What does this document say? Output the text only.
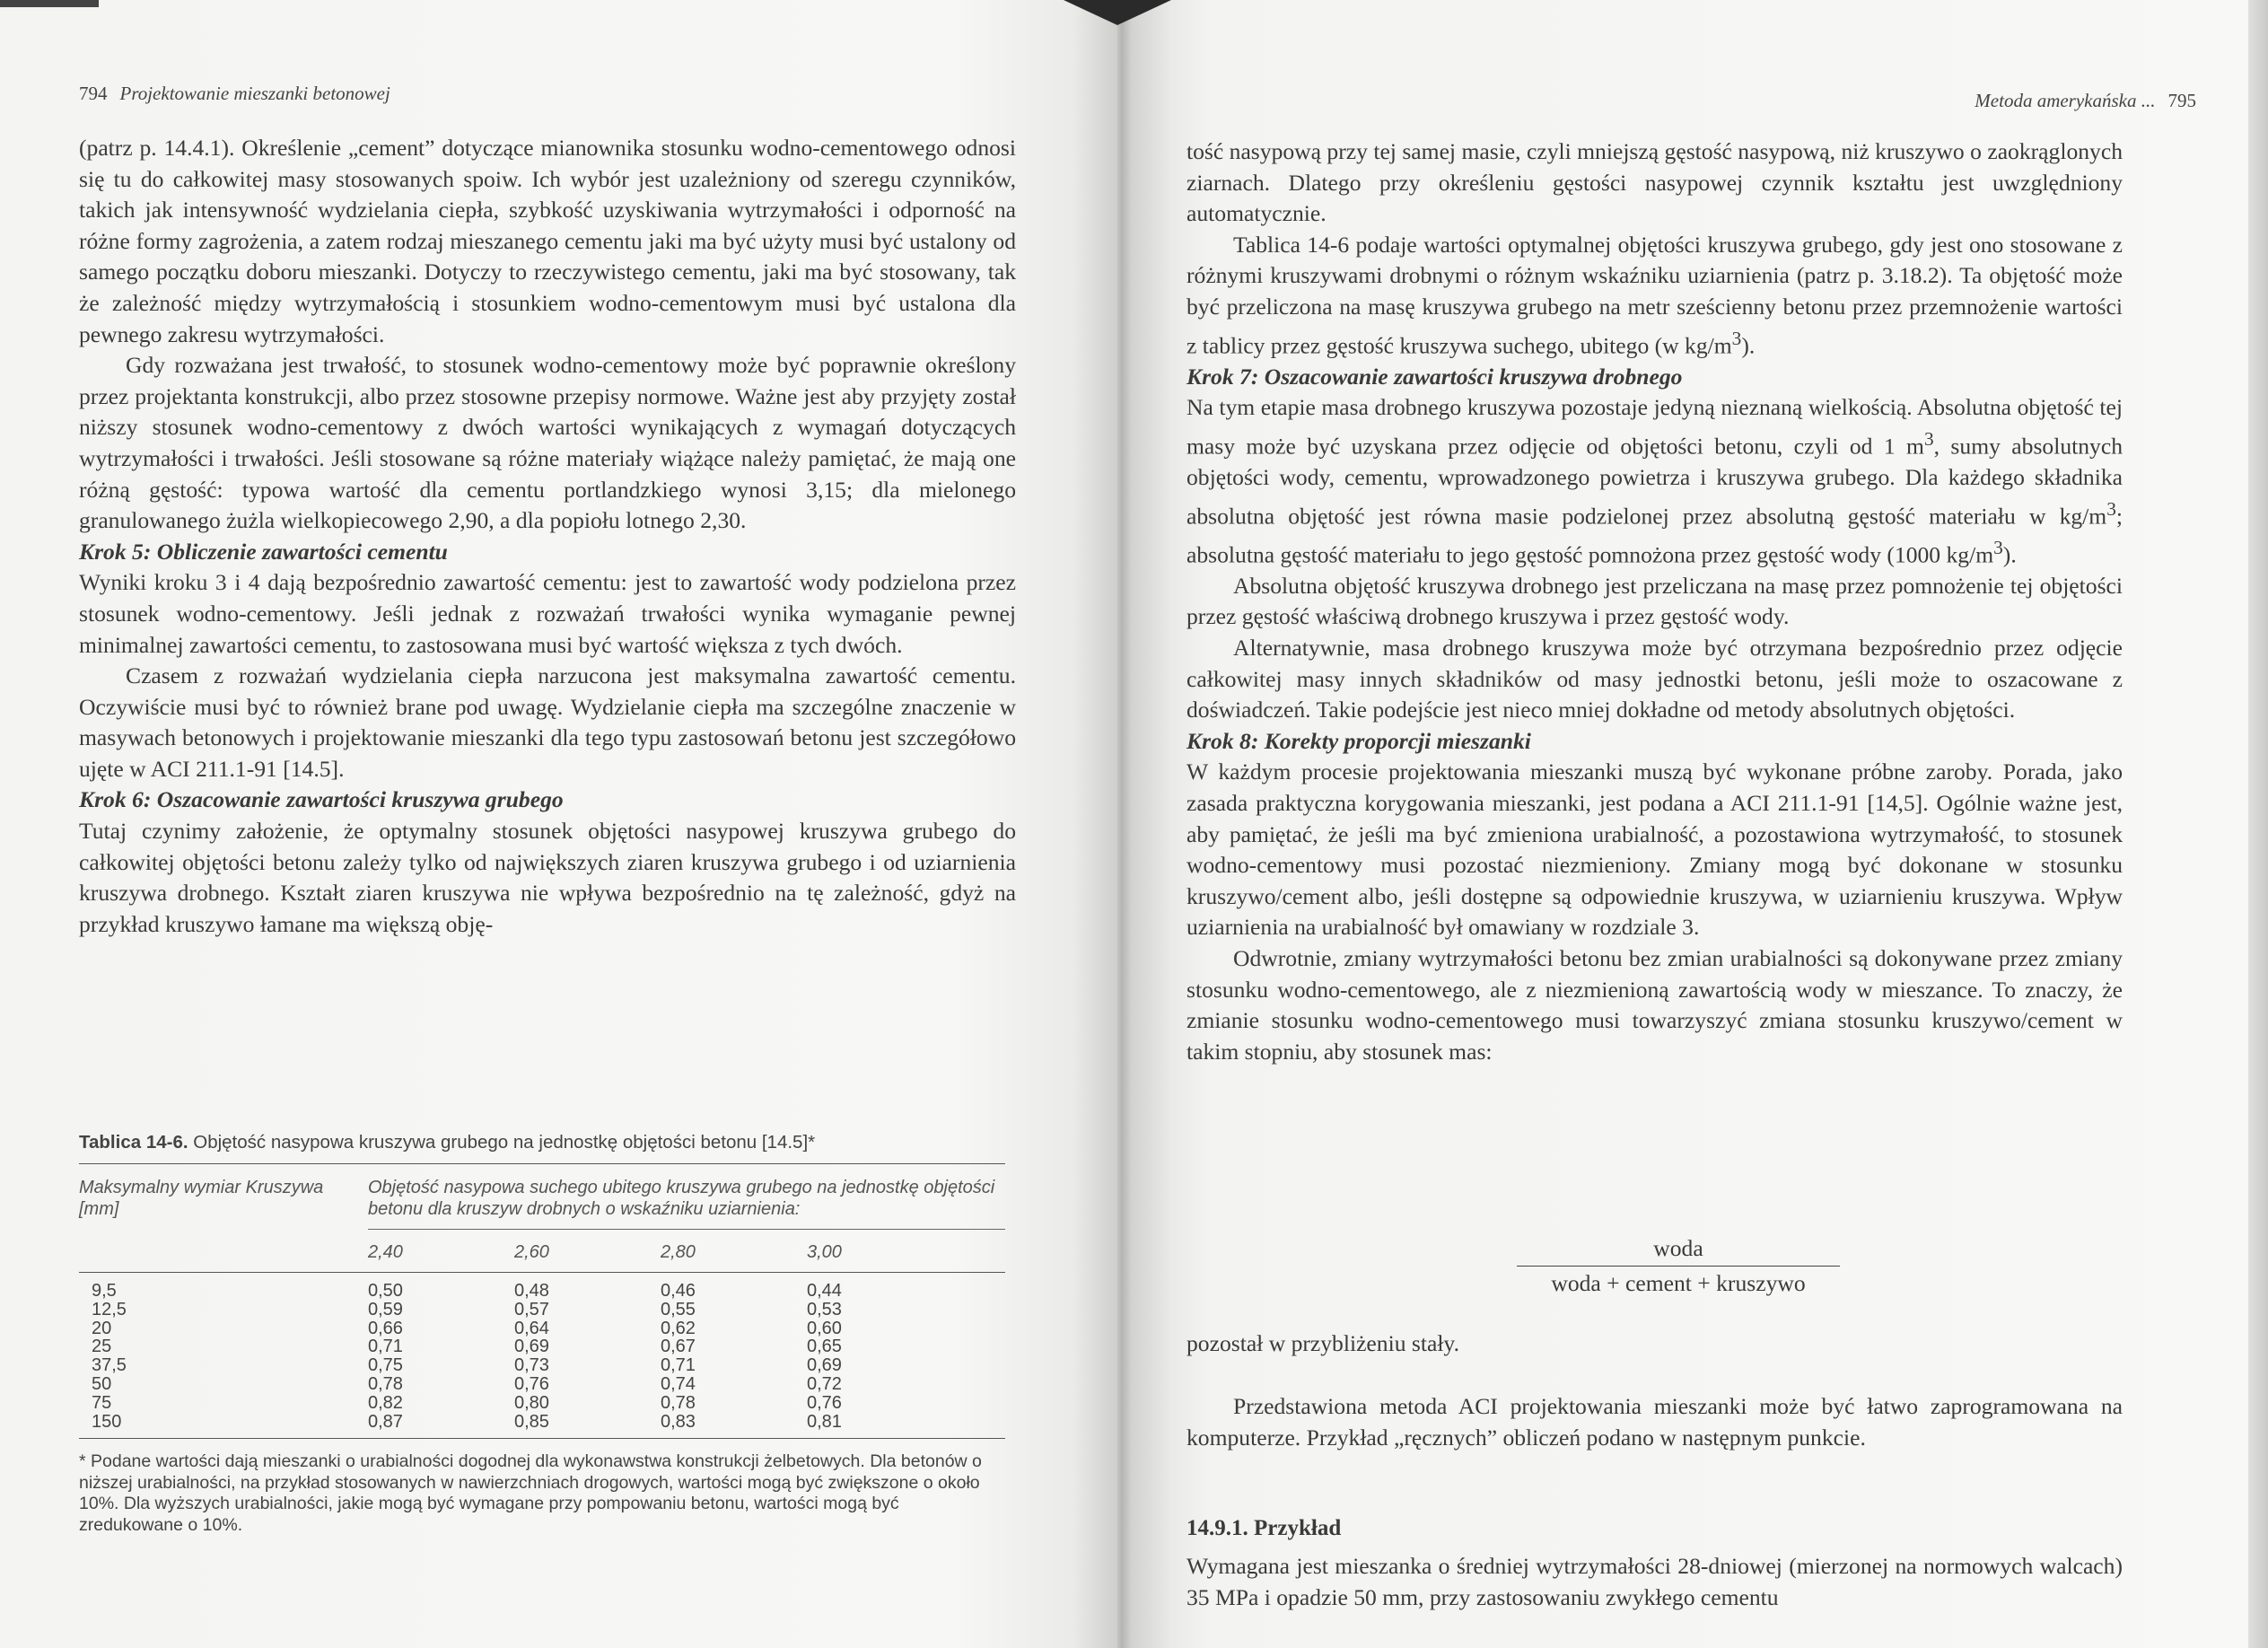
794 Projektowanie mieszanki betonowej

(patrz p. 14.4.1). Określenie „cement” dotyczące mianownika stosunku wodno-cementowego odnosi się tu do całkowitej masy stosowanych spoiw. Ich wybór jest uzależniony od szeregu czynników, takich jak intensywność wydzielania ciepła, szybkość uzyskiwania wytrzymałości i odporność na różne formy zagrożenia, a zatem rodzaj mieszanego cementu jaki ma być użyty musi być ustalony od samego początku doboru mieszanki. Dotyczy to rzeczywistego cementu, jaki ma być stosowany, tak że zależność między wytrzymałością i stosunkiem wodno-cementowym musi być ustalona dla pewnego zakresu wytrzymałości.

Gdy rozważana jest trwałość, to stosunek wodno-cementowy może być poprawnie określony przez projektanta konstrukcji, albo przez stosowne przepisy normowe. Ważne jest aby przyjęty został niższy stosunek wodno-cementowy z dwóch wartości wynikających z wymagań dotyczących wytrzymałości i trwałości. Jeśli stosowane są różne materiały wiążące należy pamiętać, że mają one różną gęstość: typowa wartość dla cementu portlandzkiego wynosi 3,15; dla mielonego granulowanego żużla wielkopiecowego 2,90, a dla popiołu lotnego 2,30.

Krok 5: Obliczenie zawartości cementu

Wyniki kroku 3 i 4 dają bezpośrednio zawartość cementu: jest to zawartość wody podzielona przez stosunek wodno-cementowy. Jeśli jednak z rozważań trwałości wynika wymaganie pewnej minimalnej zawartości cementu, to zastosowana musi być wartość większa z tych dwóch.

Czasem z rozważań wydzielania ciepła narzucona jest maksymalna zawartość cementu. Oczywiście musi być to również brane pod uwagę. Wydzielanie ciepła ma szczególne znaczenie w masywach betonowych i projektowanie mieszanki dla tego typu zastosowań betonu jest szczegółowo ujęte w ACI 211.1-91 [14.5].

Krok 6: Oszacowanie zawartości kruszywa grubego

Tutaj czynimy założenie, że optymalny stosunek objętości nasypowej kruszywa grubego do całkowitej objętości betonu zależy tylko od największych ziaren kruszywa grubego i od uziarnienia kruszywa drobnego. Kształt ziaren kruszywa nie wpływa bezpośrednio na tę zależność, gdyż na przykład kruszywo łamane ma większą obję-

Tablica 14-6. Objętość nasypowa kruszywa grubego na jednostkę objętości betonu [14.5]*
Maksymalny wymiar Kruszywa [mm]
Objętość nasypowa suchego ubitego kruszywa grubego na jednostkę objętości betonu dla kruszyw drobnych o wskaźniku uziarnienia:
2,40	2,60	2,80	3,00
9,5	0,50	0,48	0,46	0,44
12,5	0,59	0,57	0,55	0,53
20	0,66	0,64	0,62	0,60
25	0,71	0,69	0,67	0,65
37,5	0,75	0,73	0,71	0,69
50	0,78	0,76	0,74	0,72
75	0,82	0,80	0,78	0,76
150	0,87	0,85	0,83	0,81
* Podane wartości dają mieszanki o urabialności dogodnej dla wykonawstwa konstrukcji żelbetowych. Dla betonów o niższej urabialności, na przykład stosowanych w nawierzchniach drogowych, wartości mogą być zwiększone o około 10%. Dla wyższych urabialności, jakie mogą być wymagane przy pompowaniu betonu, wartości mogą być zredukowane o 10%.
Metoda amerykańska ... 795

tość nasypową przy tej samej masie, czyli mniejszą gęstość nasypową, niż kruszywo o zaokrąglonych ziarnach. Dlatego przy określeniu gęstości nasypowej czynnik kształtu jest uwzględniony automatycznie.

Tablica 14-6 podaje wartości optymalnej objętości kruszywa grubego, gdy jest ono stosowane z różnymi kruszywami drobnymi o różnym wskaźniku uziarnienia (patrz p. 3.18.2). Ta objętość może być przeliczona na masę kruszywa grubego na metr sześcienny betonu przez przemnożenie wartości z tablicy przez gęstość kruszywa suchego, ubitego (w $kg/m^3$).

Krok 7: Oszacowanie zawartości kruszywa drobnego

Na tym etapie masa drobnego kruszywa pozostaje jedyną nieznaną wielkością. Absolutna objętość tej masy może być uzyskana przez odjęcie od objętości betonu, czyli od 1 $m^3$, sumy absolutnych objętości wody, cementu, wprowadzonego powietrza i kruszywa grubego. Dla każdego składnika absolutna objętość jest równa masie podzielonej przez absolutną gęstość materiału w $kg/m^3$; absolutna gęstość materiału to jego gęstość pomnożona przez gęstość wody (1000 $kg/m^3$).

Absolutna objętość kruszywa drobnego jest przeliczana na masę przez pomnożenie tej objętości przez gęstość właściwą drobnego kruszywa i przez gęstość wody.

Alternatywnie, masa drobnego kruszywa może być otrzymana bezpośrednio przez odjęcie całkowitej masy innych składników od masy jednostki betonu, jeśli może to oszacowane z doświadczeń. Takie podejście jest nieco mniej dokładne od metody absolutnych objętości.

Krok 8: Korekty proporcji mieszanki

W każdym procesie projektowania mieszanki muszą być wykonane próbne zaroby. Porada, jako zasada praktyczna korygowania mieszanki, jest podana a ACI 211.1-91 [14,5]. Ogólnie ważne jest, aby pamiętać, że jeśli ma być zmieniona urabialność, a pozostawiona wytrzymałość, to stosunek wodno-cementowy musi pozostać niezmieniony. Zmiany mogą być dokonane w stosunku kruszywo/cement albo, jeśli dostępne są odpowiednie kruszywa, w uziarnieniu kruszywa. Wpływ uziarnienia na urabialność był omawiany w rozdziale 3.

Odwrotnie, zmiany wytrzymałości betonu bez zmian urabialności są dokonywane przez zmiany stosunku wodno-cementowego, ale z niezmienioną zawartością wody w mieszance. To znaczy, że zmianie stosunku wodno-cementowego musi towarzyszyć zmiana stosunku kruszywo/cement w takim stopniu, aby stosunek mas:

woda
woda + cement + kruszywo
pozostał w przybliżeniu stały.
Przedstawiona metoda ACI projektowania mieszanki może być łatwo zaprogramowana na komputerze. Przykład „ręcznych” obliczeń podano w następnym punkcie.
14.9.1. Przykład
Wymagana jest mieszanka o średniej wytrzymałości 28-dniowej (mierzonej na normowych walcach) 35 MPa i opadzie 50 mm, przy zastosowaniu zwykłego cementu
